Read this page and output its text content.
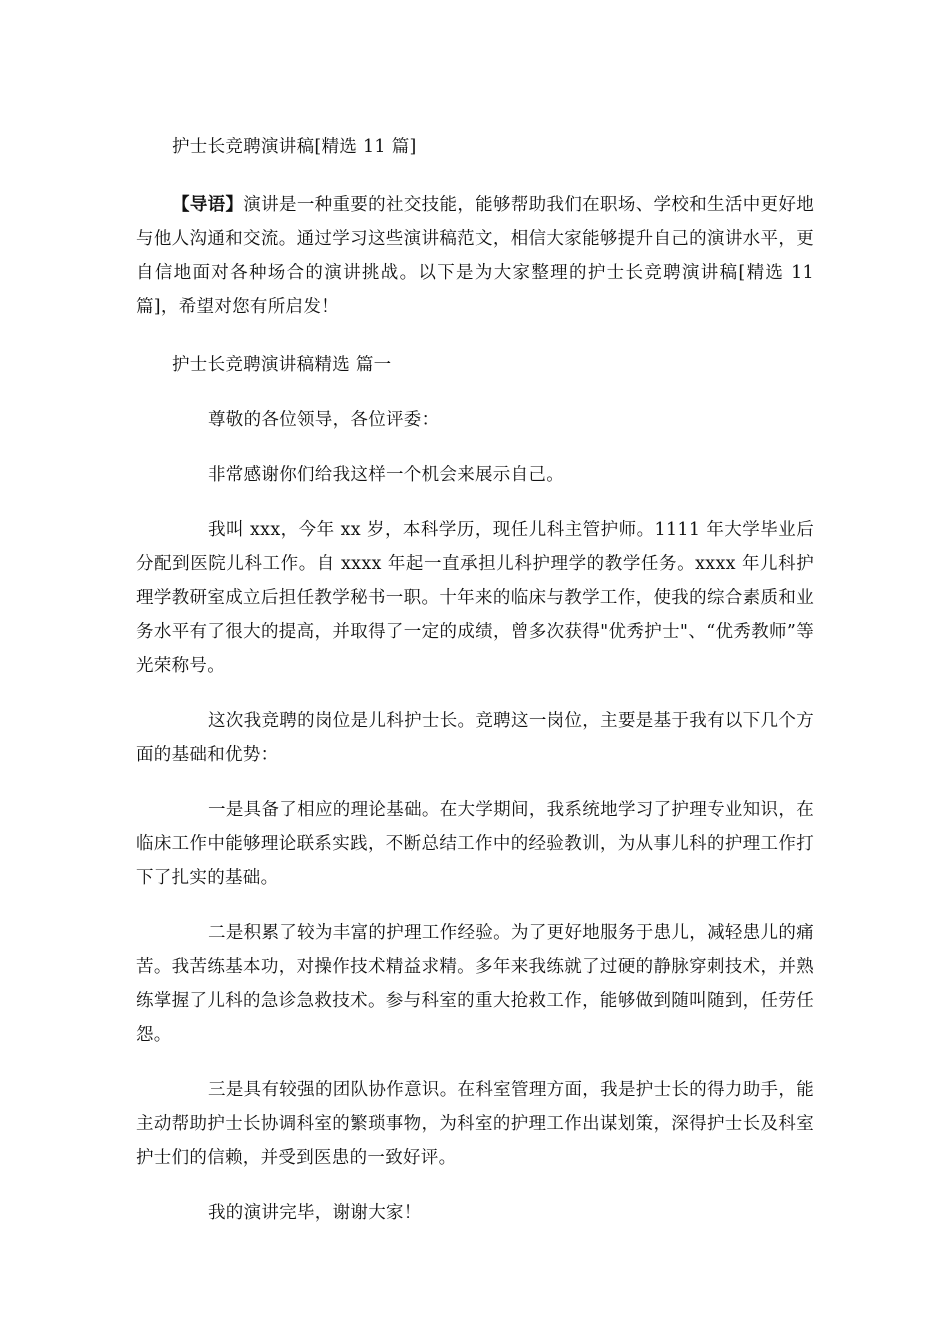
护士长竞聘演讲稿[精选 11 篇]

【导语】演讲是一种重要的社交技能，能够帮助我们在职场、学校和生活中更好地与他人沟通和交流。通过学习这些演讲稿范文，相信大家能够提升自己的演讲水平，更自信地面对各种场合的演讲挑战。以下是为大家整理的护士长竞聘演讲稿[精选 11 篇]，希望对您有所启发！

护士长竞聘演讲稿精选 篇一

尊敬的各位领导，各位评委：

非常感谢你们给我这样一个机会来展示自己。

我叫 xxx，今年 xx 岁，本科学历，现任儿科主管护师。1111 年大学毕业后分配到医院儿科工作。自 xxxx 年起一直承担儿科护理学的教学任务。xxxx 年儿科护理学教研室成立后担任教学秘书一职。十年来的临床与教学工作，使我的综合素质和业务水平有了很大的提高，并取得了一定的成绩，曾多次获得"优秀护士"、“优秀教师”等光荣称号。

这次我竞聘的岗位是儿科护士长。竞聘这一岗位，主要是基于我有以下几个方面的基础和优势：

一是具备了相应的理论基础。在大学期间，我系统地学习了护理专业知识，在临床工作中能够理论联系实践，不断总结工作中的经验教训，为从事儿科的护理工作打下了扎实的基础。

二是积累了较为丰富的护理工作经验。为了更好地服务于患儿，减轻患儿的痛苦。我苦练基本功，对操作技术精益求精。多年来我练就了过硬的静脉穿刺技术，并熟练掌握了儿科的急诊急救技术。参与科室的重大抢救工作，能够做到随叫随到，任劳任怨。

三是具有较强的团队协作意识。在科室管理方面，我是护士长的得力助手，能主动帮助护士长协调科室的繁琐事物，为科室的护理工作出谋划策，深得护士长及科室护士们的信赖，并受到医患的一致好评。

我的演讲完毕，谢谢大家！
